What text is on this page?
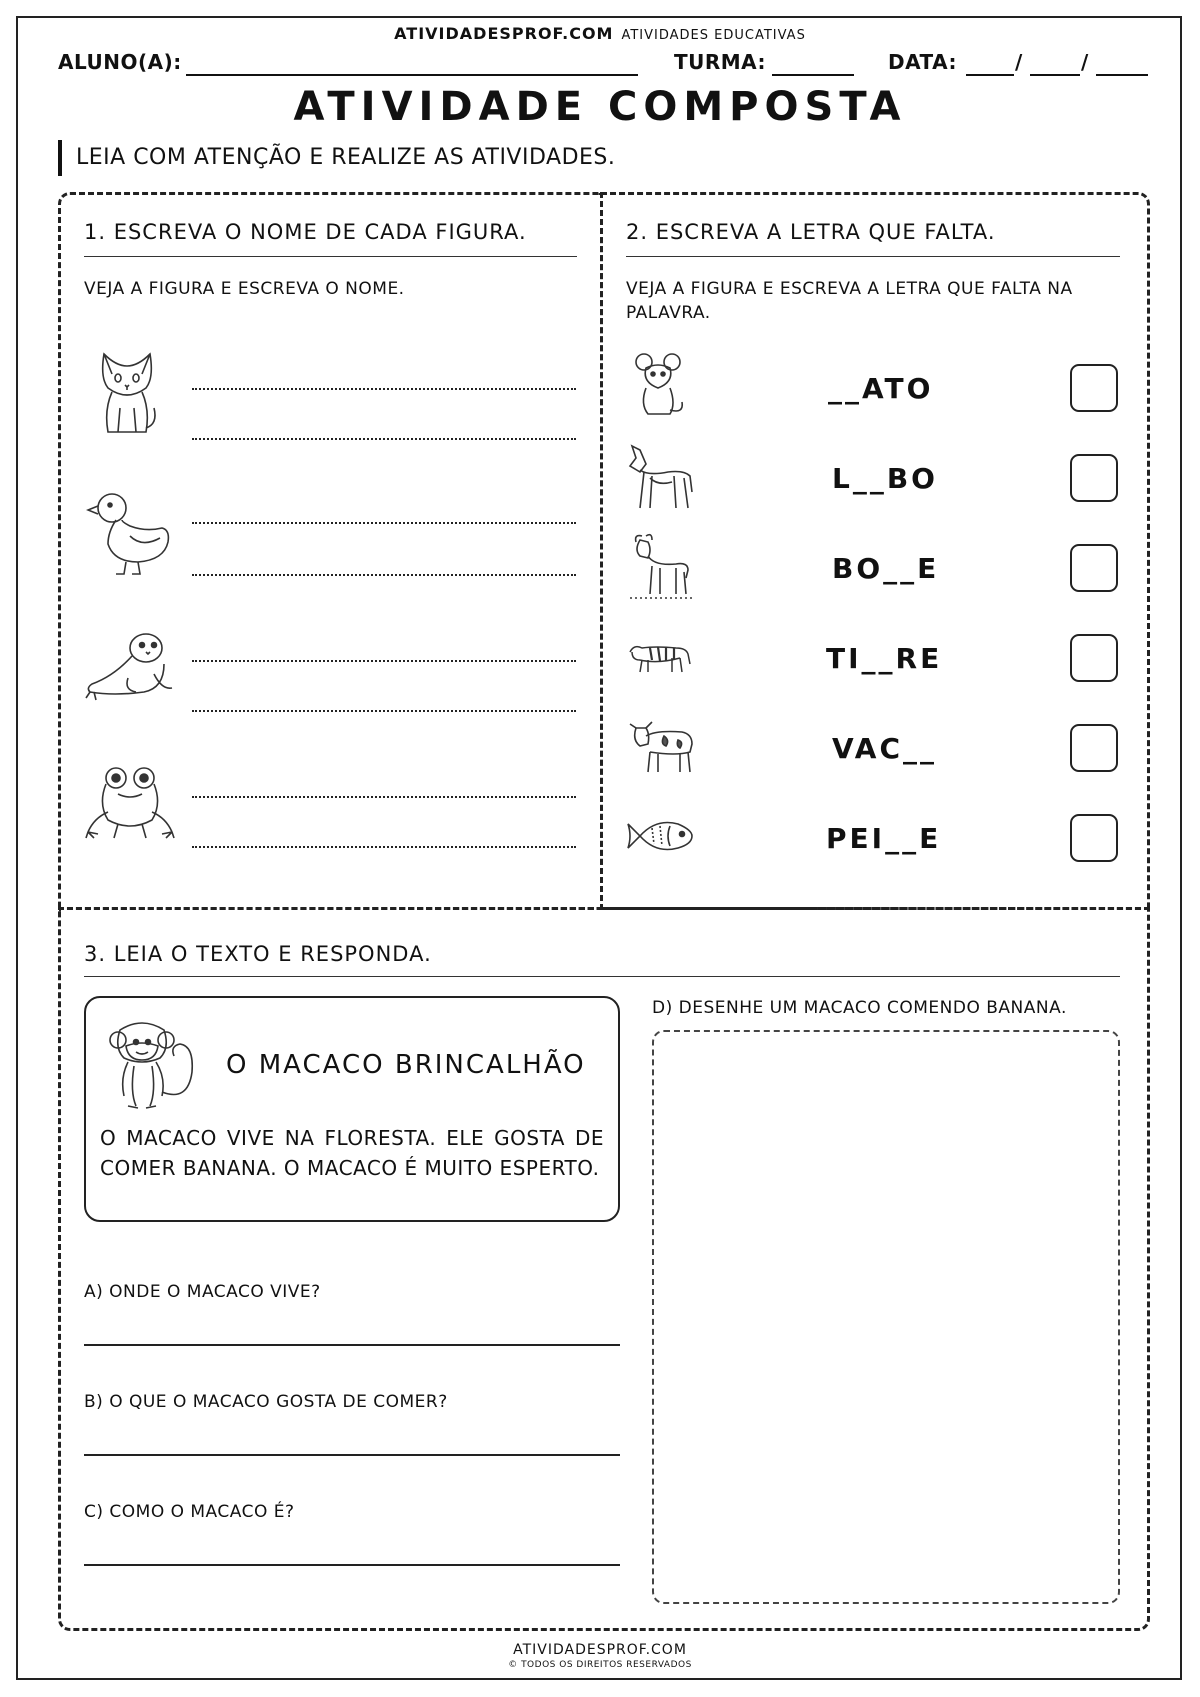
ATIVIDADESPROF.COM ATIVIDADES EDUCATIVAS
ALUNO(A):	TURMA:	DATA:	/	/
ATIVIDADE COMPOSTA
LEIA COM ATENÇÃO E REALIZE AS ATIVIDADES.
1. ESCREVA O NOME DE CADA FIGURA.
VEJA A FIGURA E ESCREVA O NOME.
2. ESCREVA A LETRA QUE FALTA.
VEJA A FIGURA E ESCREVA A LETRA QUE FALTA NA PALAVRA.
__ATO
L__BO
BO__E
TI__RE
VAC__
PEI__E
3. LEIA O TEXTO E RESPONDA.
O MACACO BRINCALHÃO
O MACACO VIVE NA FLORESTA. ELE GOSTA DE COMER BANANA. O MACACO É MUITO ESPERTO.
A) ONDE O MACACO VIVE?
B) O QUE O MACACO GOSTA DE COMER?
C) COMO O MACACO É?
D) DESENHE UM MACACO COMENDO BANANA.
ATIVIDADESPROF.COM
© TODOS OS DIREITOS RESERVADOS
